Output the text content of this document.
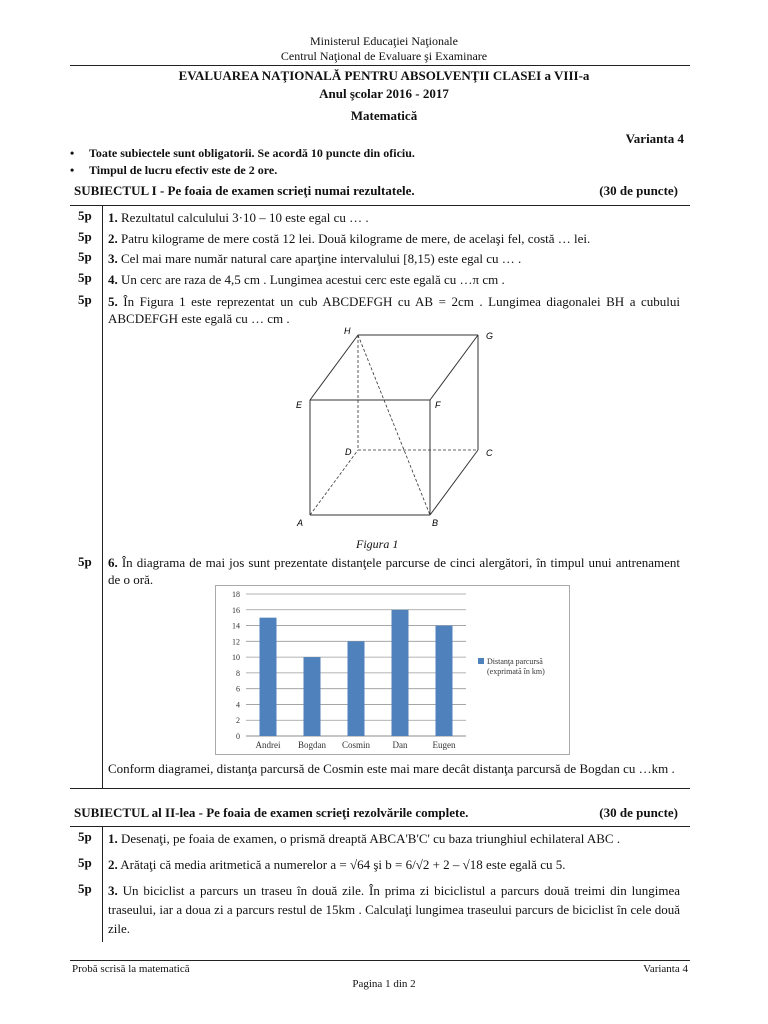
Ministerul Educaţiei Naţionale
Centrul Naţional de Evaluare şi Examinare
EVALUAREA NAŢIONALĂ PENTRU ABSOLVENŢII CLASEI a VIII-a
Anul şcolar 2016 - 2017
Matematică
Varianta 4
• Toate subiectele sunt obligatorii. Se acordă 10 puncte din oficiu.
• Timpul de lucru efectiv este de 2 ore.
SUBIECTUL I - Pe foaia de examen scrieţi numai rezultatele.	(30 de puncte)
5p 1. Rezultatul calculului 3·10 – 10 este egal cu … .
5p 2. Patru kilograme de mere costă 12 lei. Două kilograme de mere, de acelaşi fel, costă … lei.
5p 3. Cel mai mare număr natural care aparţine intervalului [8,15) este egal cu … .
5p 4. Un cerc are raza de 4,5 cm . Lungimea acestui cerc este egală cu …π cm .
5p 5. În Figura 1 este reprezentat un cub ABCDEFGH cu AB = 2cm . Lungimea diagonalei BH a cubului ABCDEFGH este egală cu … cm .
H	G
E	F
D	C
A	B
Figura 1
5p 6. În diagrama de mai jos sunt prezentate distanţele parcurse de cinci alergători, în timpul unui antrenament de o oră.
0
2
4
6
8
10
12
14
16
18
Andrei Bogdan Cosmin Dan	Eugen
Distanţa parcursă
(exprimată în km)
Conform diagramei, distanţa parcursă de Cosmin este mai mare decât distanţa parcursă de Bogdan cu …km .
SUBIECTUL al II-lea - Pe foaia de examen scrieţi rezolvările complete.	(30 de puncte)
5p 1. Desenaţi, pe foaia de examen, o prismă dreaptă ABCA'B'C' cu baza triunghiul echilateral ABC .
5p 2. Arătaţi că media aritmetică a numerelor a = √64 şi b = 6/√2 + 2 – √18 este egală cu 5.
5p 3. Un biciclist a parcurs un traseu în două zile. În prima zi biciclistul a parcurs două treimi din lungimea traseului, iar a doua zi a parcurs restul de 15km . Calculaţi lungimea traseului parcurs de biciclist în cele două zile.
Probă scrisă la matematică	Varianta 4
Pagina 1 din 2
